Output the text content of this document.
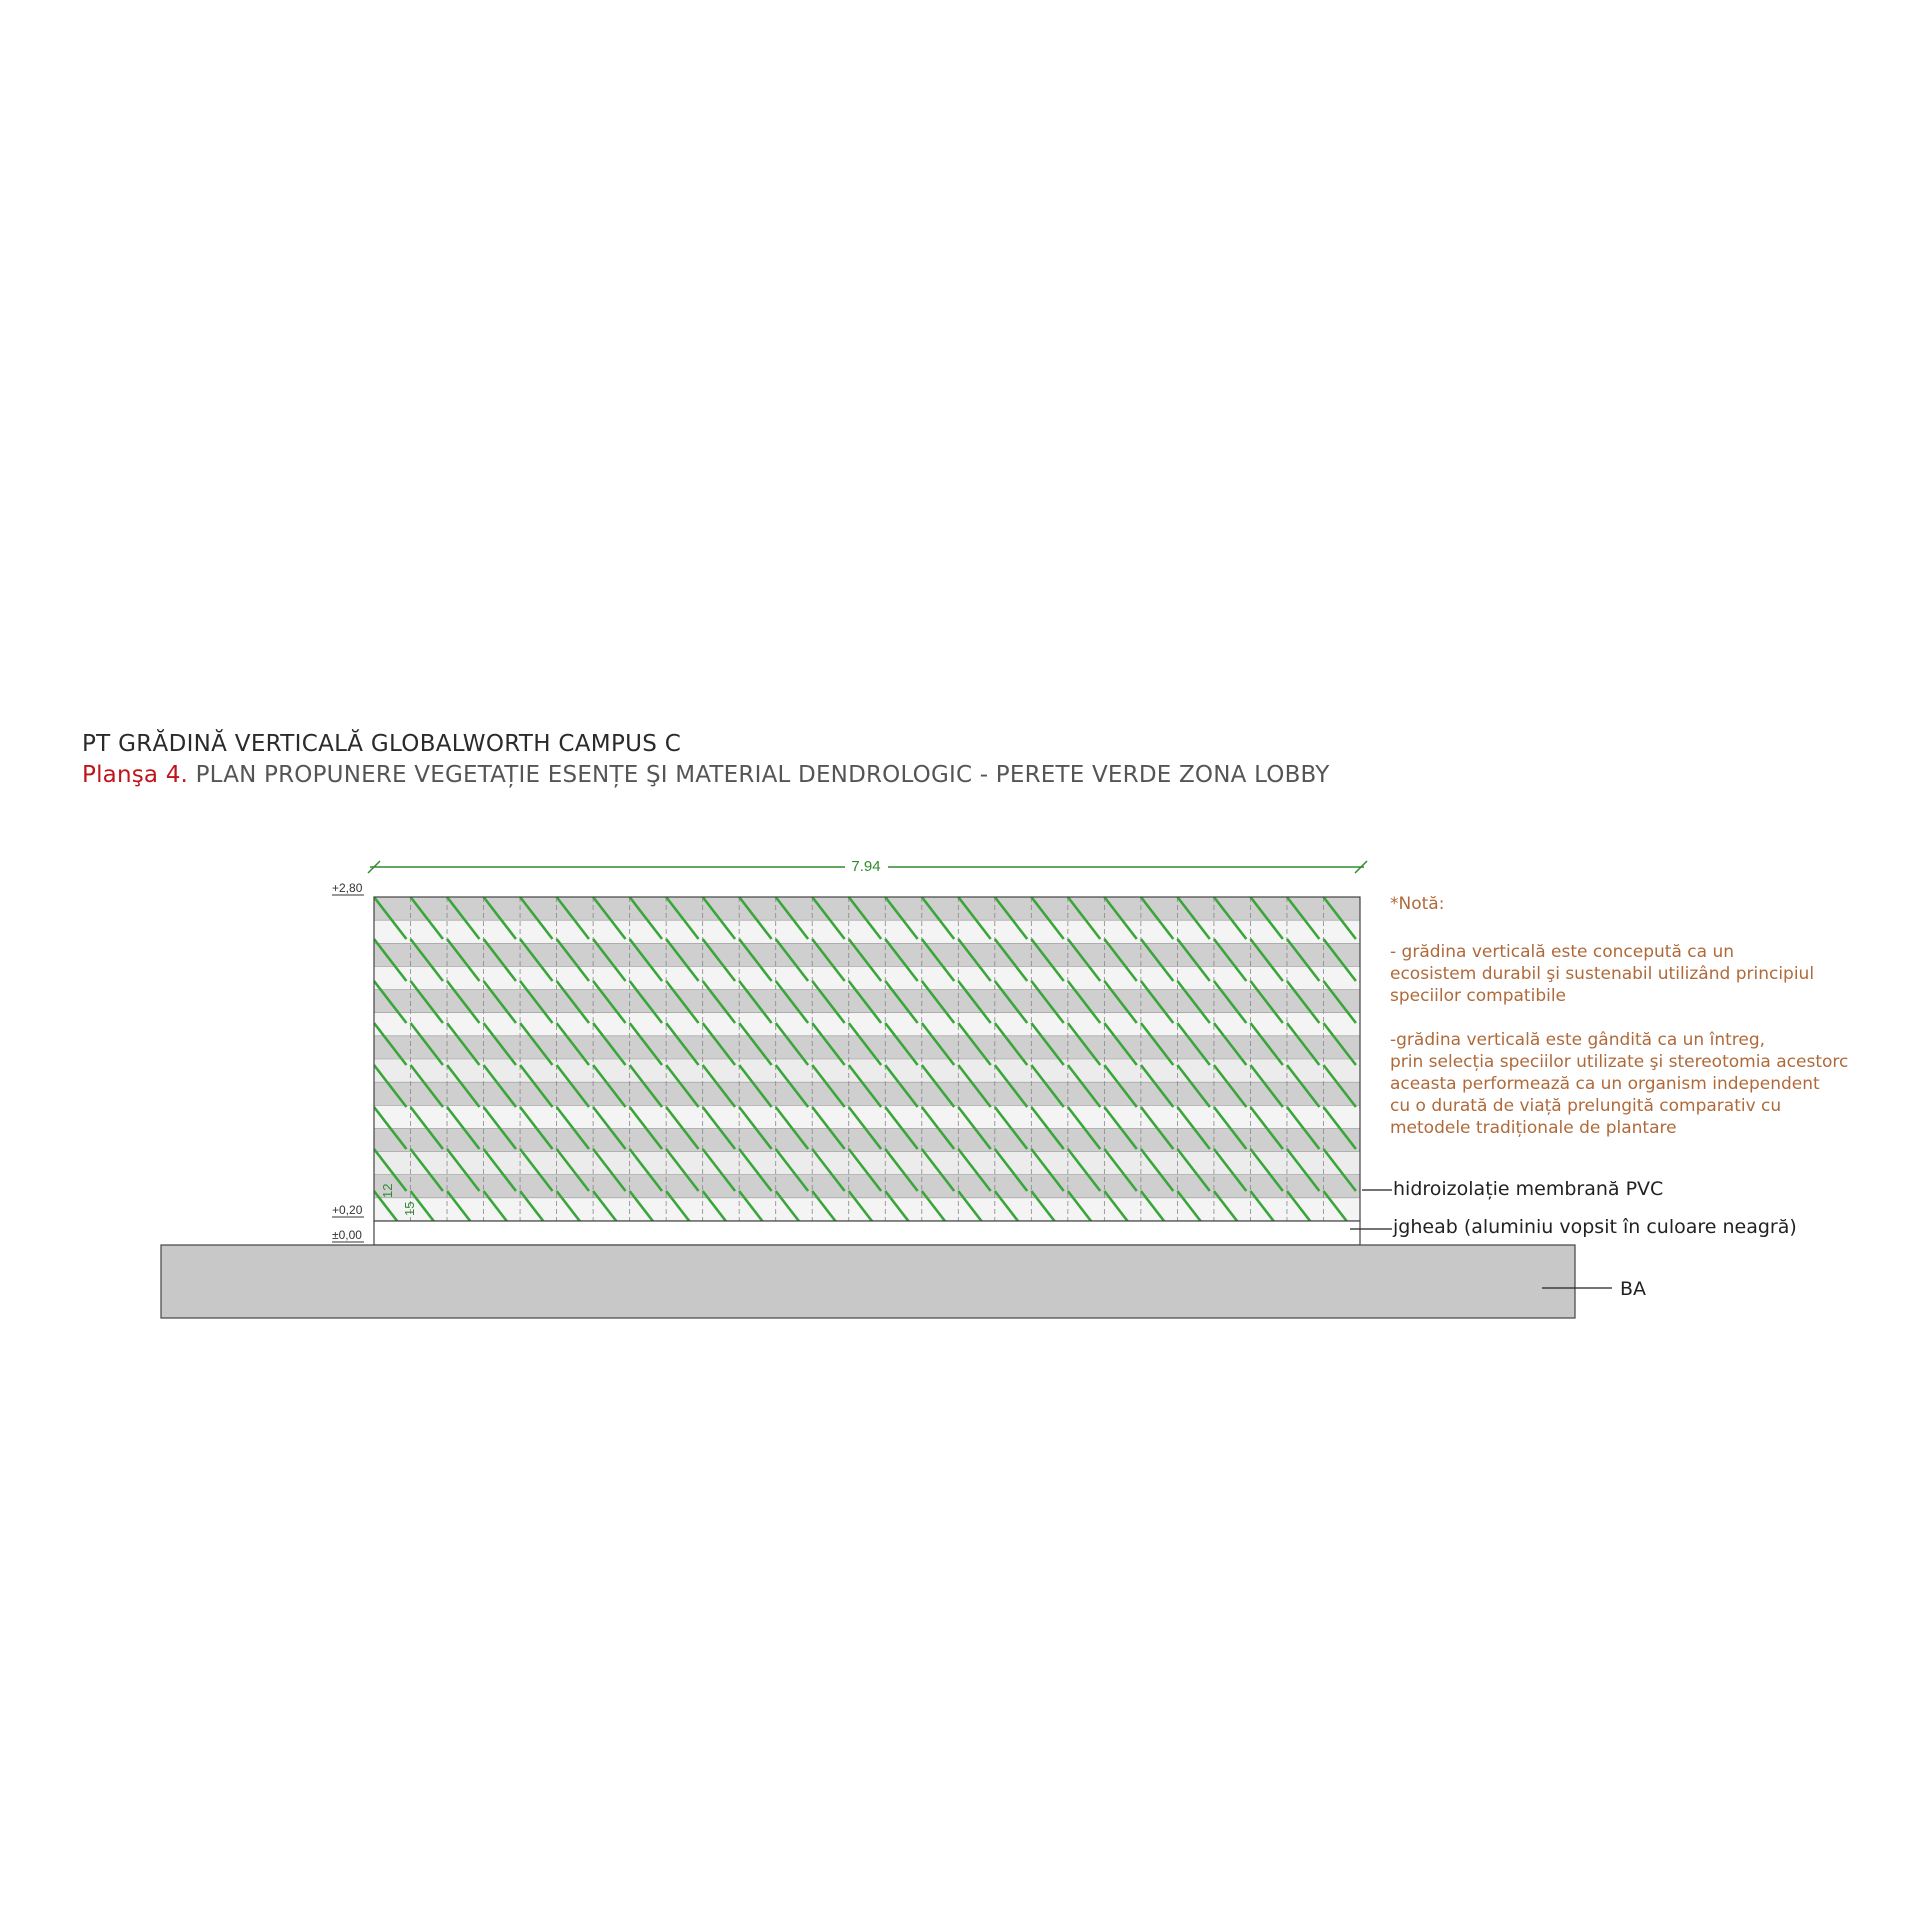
PT GRĂDINĂ VERTICALĂ GLOBALWORTH CAMPUS C
Planşa 4. PLAN PROPUNERE VEGETAȚIE ESENȚE ŞI MATERIAL DENDROLOGIC - PERETE VERDE ZONA LOBBY
7.94
+2,80
+0,20
±0,00
12
15

*Notă:

- grădina verticală este concepută ca un
ecosistem durabil şi sustenabil utilizând principiul
speciilor compatibile

-grădina verticală este gândită ca un întreg,
prin selecția speciilor utilizate şi stereotomia acestorc
aceasta performează ca un organism independent
cu o durată de viață prelungită comparativ cu
metodele tradiționale de plantare

hidroizolație membrană PVC
jgheab (aluminiu vopsit în culoare neagră)
BA
